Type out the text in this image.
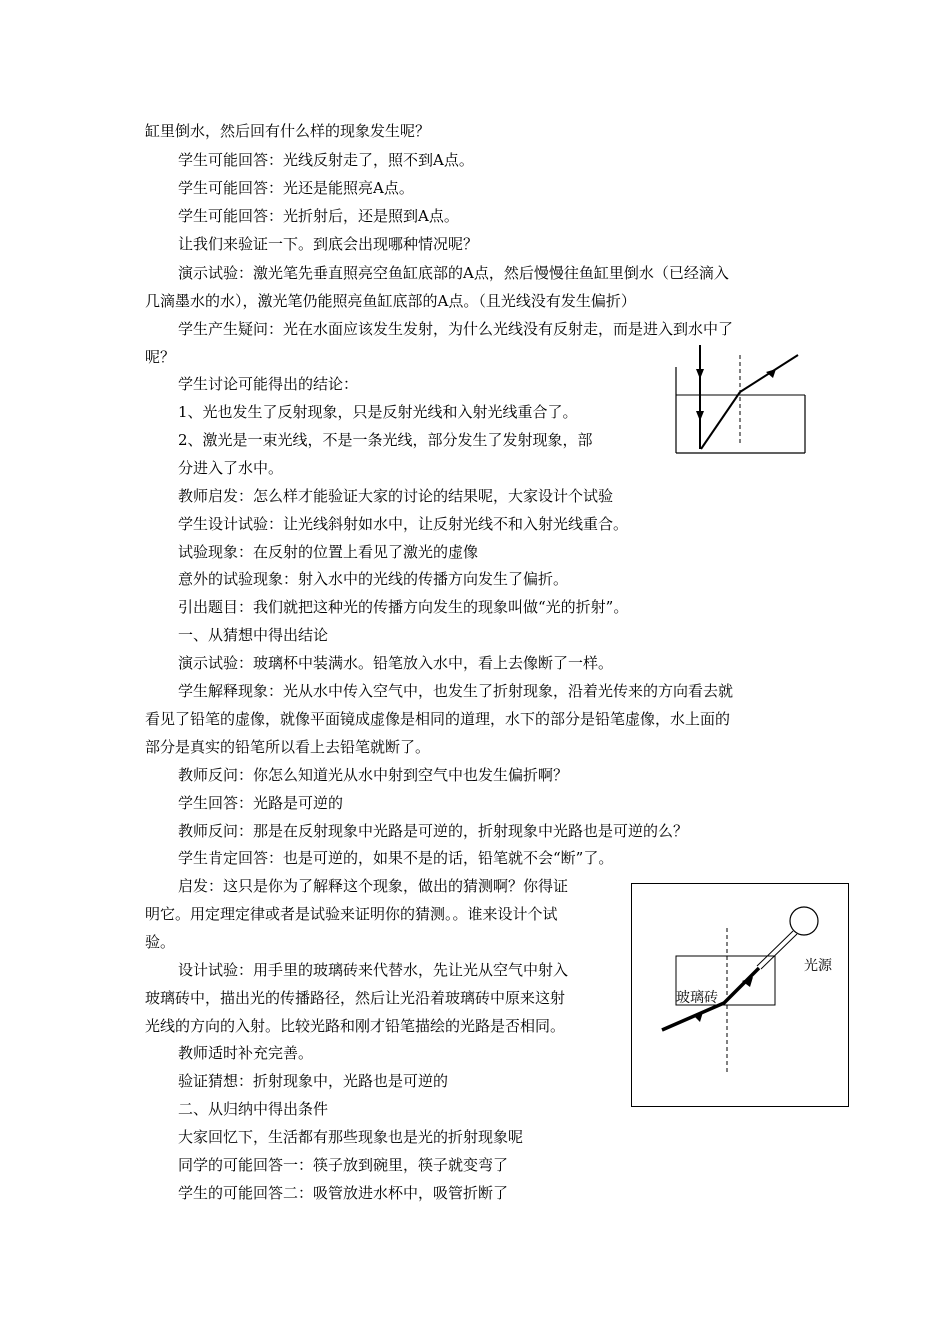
缸里倒水，然后回有什么样的现象发生呢？
学生可能回答：光线反射走了，照不到A点。
学生可能回答：光还是能照亮A点。
学生可能回答：光折射后，还是照到A点。
让我们来验证一下。到底会出现哪种情况呢？
演示试验：激光笔先垂直照亮空鱼缸底部的A点，然后慢慢往鱼缸里倒水（已经滴入
几滴墨水的水），激光笔仍能照亮鱼缸底部的A点。（且光线没有发生偏折）
学生产生疑问：光在水面应该发生发射，为什么光线没有反射走，而是进入到水中了
呢？
学生讨论可能得出的结论：
1、光也发生了反射现象，只是反射光线和入射光线重合了。
2、激光是一束光线，不是一条光线，部分发生了发射现象，部
分进入了水中。
教师启发：怎么样才能验证大家的讨论的结果呢，大家设计个试验
学生设计试验：让光线斜射如水中，让反射光线不和入射光线重合。
试验现象：在反射的位置上看见了激光的虚像
意外的试验现象：射入水中的光线的传播方向发生了偏折。
引出题目：我们就把这种光的传播方向发生的现象叫做“光的折射”。
一、从猜想中得出结论
演示试验：玻璃杯中装满水。铅笔放入水中，看上去像断了一样。
学生解释现象：光从水中传入空气中，也发生了折射现象，沿着光传来的方向看去就
看见了铅笔的虚像，就像平面镜成虚像是相同的道理，水下的部分是铅笔虚像，水上面的
部分是真实的铅笔所以看上去铅笔就断了。
教师反问：你怎么知道光从水中射到空气中也发生偏折啊？
学生回答：光路是可逆的
教师反问：那是在反射现象中光路是可逆的，折射现象中光路也是可逆的么？
学生肯定回答：也是可逆的，如果不是的话，铅笔就不会“断”了。
启发：这只是你为了解释这个现象，做出的猜测啊？你得证
明它。用定理定律或者是试验来证明你的猜测。。谁来设计个试
验。
设计试验：用手里的玻璃砖来代替水，先让光从空气中射入
玻璃砖中，描出光的传播路径，然后让光沿着玻璃砖中原来这射
光线的方向的入射。比较光路和刚才铅笔描绘的光路是否相同。
教师适时补充完善。
验证猜想：折射现象中，光路也是可逆的
二、从归纳中得出条件
大家回忆下，生活都有那些现象也是光的折射现象呢
同学的可能回答一：筷子放到碗里，筷子就变弯了
学生的可能回答二：吸管放进水杯中，吸管折断了
光源
玻璃砖
